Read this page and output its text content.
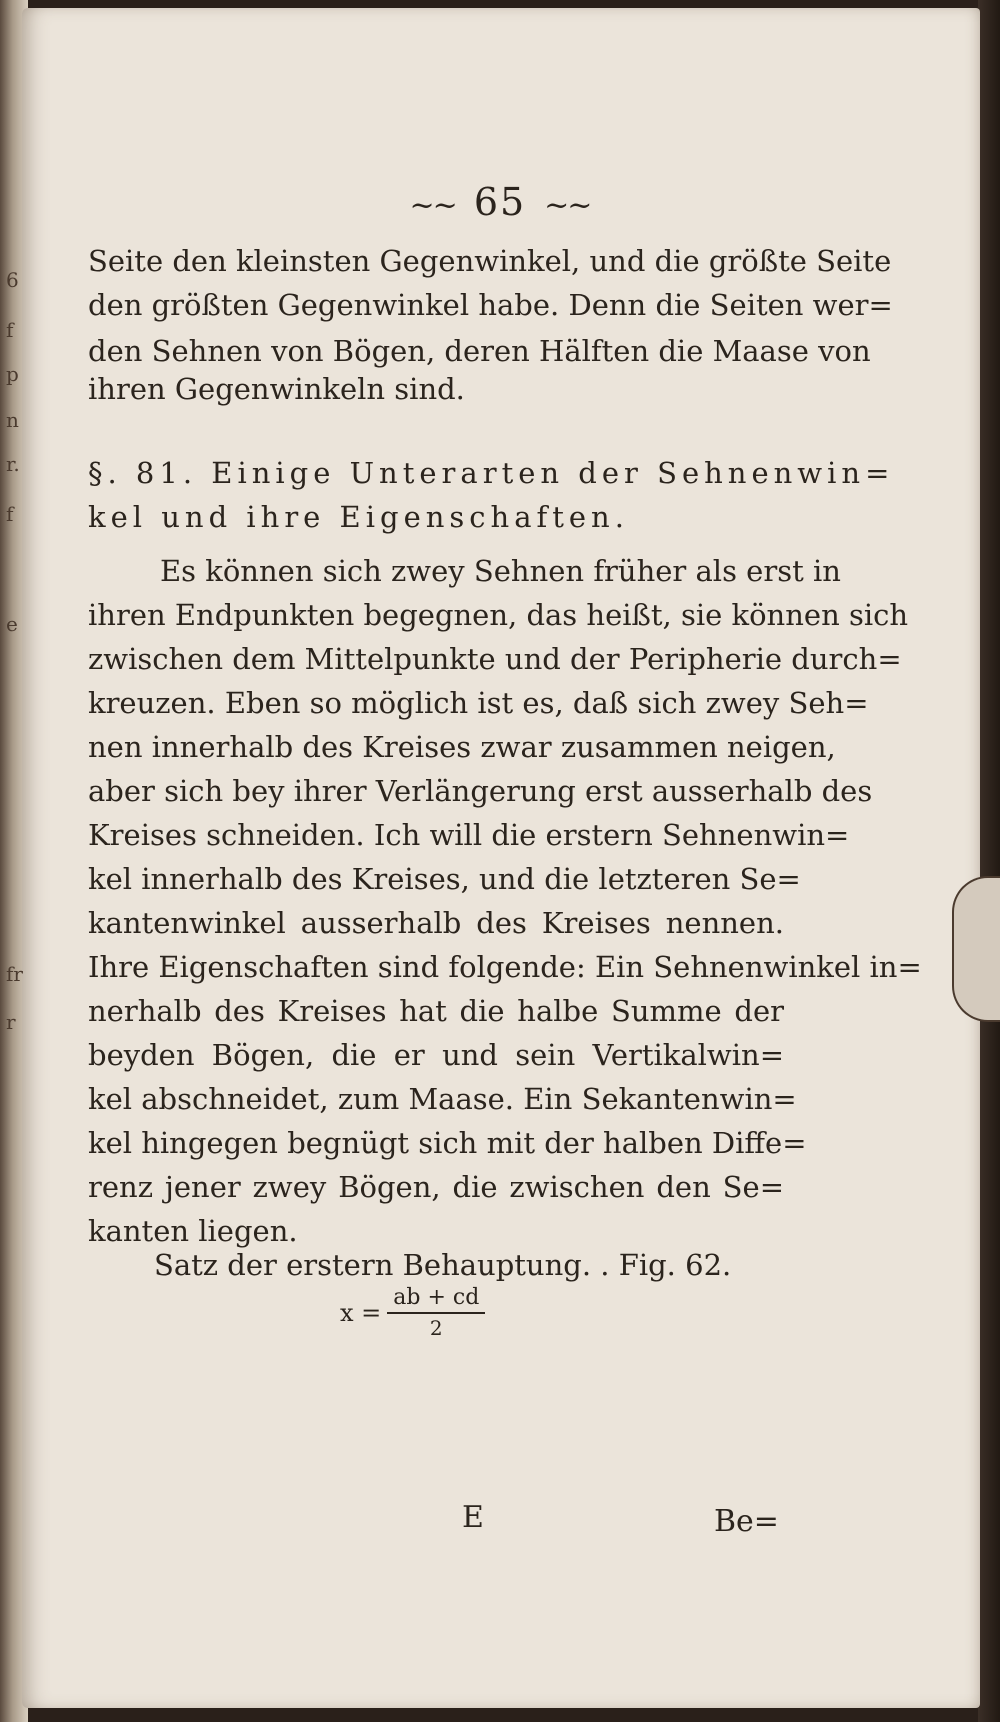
6
f
p
n
r.
f
e
fr
r
~~ 65 ~~

Seite den kleinsten Gegenwinkel, und die größte Seite

den größten Gegenwinkel habe. Denn die Seiten wer=

den Sehnen von Bögen, deren Hälften die Maase von

ihren Gegenwinkeln sind.

§. 81. Einige Unterarten der Sehnenwin=

kel und ihre Eigenschaften.

Es können sich zwey Sehnen früher als erst in

ihren Endpunkten begegnen, das heißt, sie können sich

zwischen dem Mittelpunkte und der Peripherie durch=

kreuzen. Eben so möglich ist es, daß sich zwey Seh=

nen innerhalb des Kreises zwar zusammen neigen,

aber sich bey ihrer Verlängerung erst ausserhalb des

Kreises schneiden. Ich will die erstern Sehnenwin=

kel innerhalb des Kreises, und die letzteren Se=

kantenwinkel ausserhalb des Kreises nennen.

Ihre Eigenschaften sind folgende: Ein Sehnenwinkel in=

nerhalb des Kreises hat die halbe Summe der

beyden Bögen, die er und sein Vertikalwin=

kel abschneidet, zum Maase. Ein Sekantenwin=

kel hingegen begnügt sich mit der halben Diffe=

renz jener zwey Bögen, die zwischen den Se=

kanten liegen.

Satz der erstern Behauptung. . Fig. 62.

$x = \frac{ab + cd}{2}$
E	Be=
